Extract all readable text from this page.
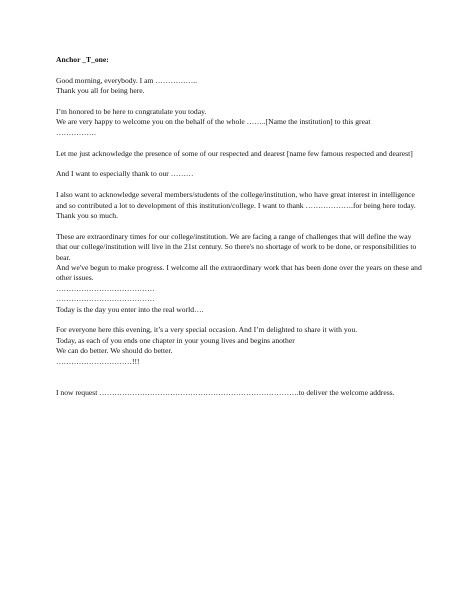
Anchor _T_one:
Good morning, everybody. I am ……………..
Thank you all for being here.
I’m honored to be here to congratulate you today.
We are very happy to welcome you on the behalf of the whole ……..[Name the institution] to this great
…………….
Let me just acknowledge the presence of some of our respected and dearest [name few famous respected and dearest]
And I want to especially thank to our ………
I also want to acknowledge several members/students of the college/institution, who have great interest in intelligence and so contributed a lot to development of this institution/college. I want to thank ……………….for being here today. Thank you so much.
These are extraordinary times for our college/institution. We are facing a range of challenges that will define the way that our college/institution will live in the 21st century. So there's no shortage of work to be done, or responsibilities to bear.
And we've begun to make progress. I welcome all the extraordinary work that has been done over the years on these and other issues.
…………………………………
…………………………………
Today is the day you enter into the real world….
For everyone here this evening, it’s a very special occasion. And I’m delighted to share it with you.
Today, as each of you ends one chapter in your young lives and begins another
We can do better. We should do better.
…………………………!!!
I now request …………………………………………………………………….to deliver the welcome address.
